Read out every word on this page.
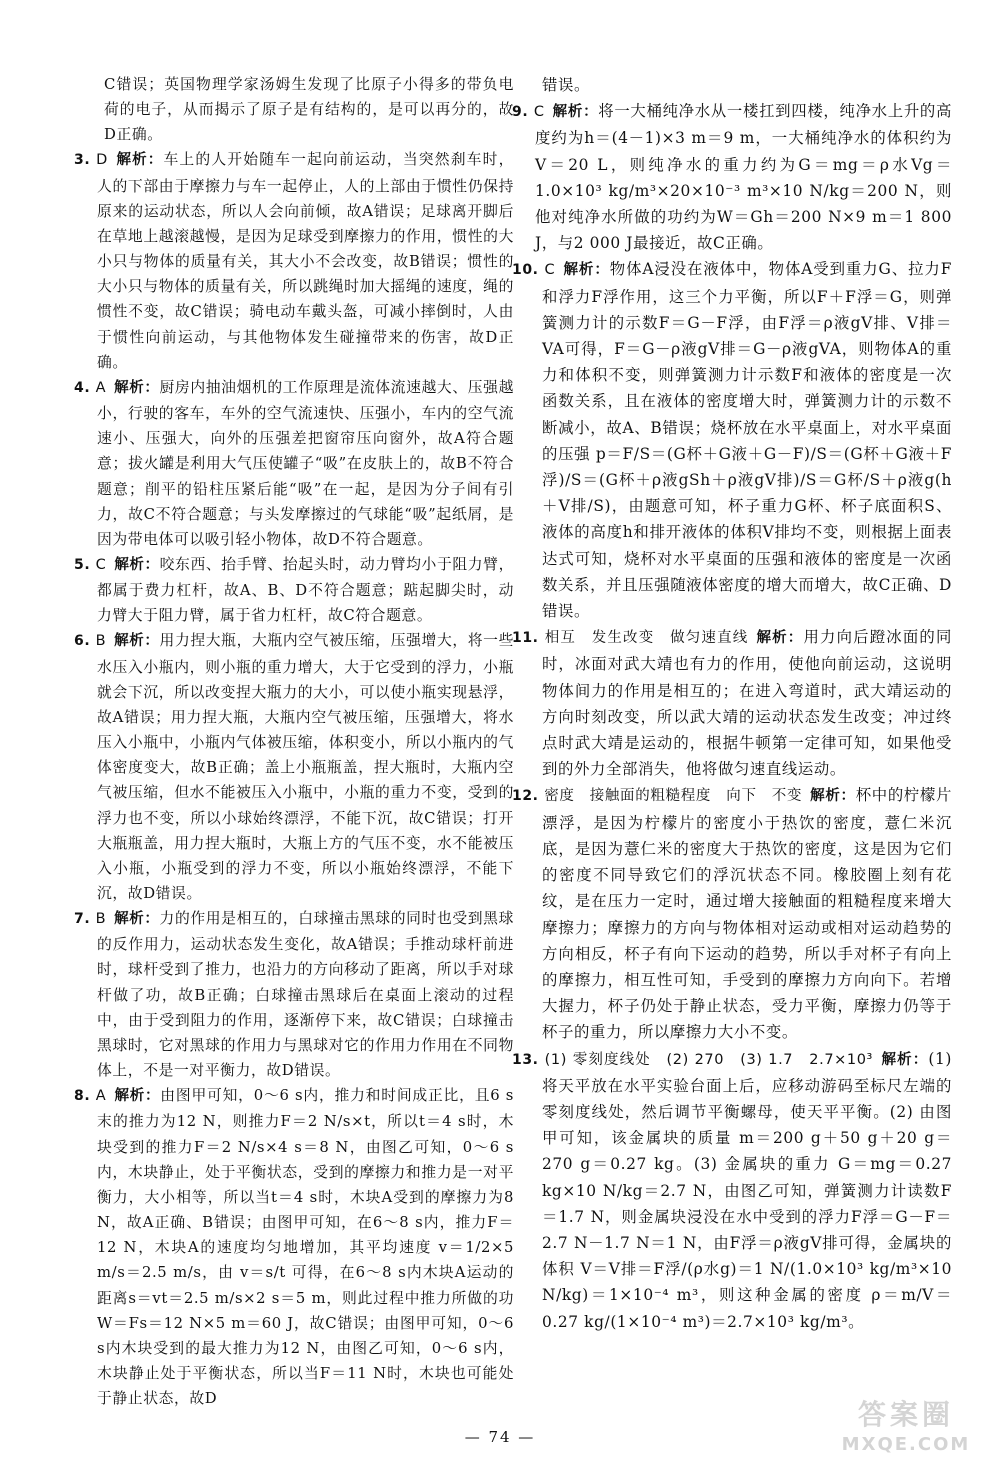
C错误；英国物理学家汤姆生发现了比原子小得多的带负电荷的电子，从而揭示了原子是有结构的，是可以再分的，故D正确。

3. D 解析：车上的人开始随车一起向前运动，当突然刹车时，人的下部由于摩擦力与车一起停止，人的上部由于惯性仍保持原来的运动状态，所以人会向前倾，故A错误；足球离开脚后在草地上越滚越慢，是因为足球受到摩擦力的作用，惯性的大小只与物体的质量有关，其大小不会改变，故B错误；惯性的大小只与物体的质量有关，所以跳绳时加大摇绳的速度，绳的惯性不变，故C错误；骑电动车戴头盔，可减小摔倒时，人由于惯性向前运动，与其他物体发生碰撞带来的伤害，故D正确。

4. A 解析：厨房内抽油烟机的工作原理是流体流速越大、压强越小，行驶的客车，车外的空气流速快、压强小，车内的空气流速小、压强大，向外的压强差把窗帘压向窗外，故A符合题意；拔火罐是利用大气压使罐子“吸”在皮肤上的，故B不符合题意；削平的铅柱压紧后能“吸”在一起，是因为分子间有引力，故C不符合题意；与头发摩擦过的气球能“吸”起纸屑，是因为带电体可以吸引轻小物体，故D不符合题意。

5. C 解析：咬东西、抬手臂、抬起头时，动力臂均小于阻力臂，都属于费力杠杆，故A、B、D不符合题意；踮起脚尖时，动力臂大于阻力臂，属于省力杠杆，故C符合题意。

6. B 解析：用力捏大瓶，大瓶内空气被压缩，压强增大，将一些水压入小瓶内，则小瓶的重力增大，大于它受到的浮力，小瓶就会下沉，所以改变捏大瓶力的大小，可以使小瓶实现悬浮，故A错误；用力捏大瓶，大瓶内空气被压缩，压强增大，将水压入小瓶中，小瓶内气体被压缩，体积变小，所以小瓶内的气体密度变大，故B正确；盖上小瓶瓶盖，捏大瓶时，大瓶内空气被压缩，但水不能被压入小瓶中，小瓶的重力不变，受到的浮力也不变，所以小球始终漂浮，不能下沉，故C错误；打开大瓶瓶盖，用力捏大瓶时，大瓶上方的气压不变，水不能被压入小瓶，小瓶受到的浮力不变，所以小瓶始终漂浮，不能下沉，故D错误。

7. B 解析：力的作用是相互的，白球撞击黑球的同时也受到黑球的反作用力，运动状态发生变化，故A错误；手推动球杆前进时，球杆受到了推力，也沿力的方向移动了距离，所以手对球杆做了功，故B正确；白球撞击黑球后在桌面上滚动的过程中，由于受到阻力的作用，逐渐停下来，故C错误；白球撞击黑球时，它对黑球的作用力与黑球对它的作用力作用在不同物体上，不是一对平衡力，故D错误。

8. A 解析：由图甲可知，0～6 s内，推力和时间成正比，且6 s末的推力为12 N，则推力F＝2 N/s×t，所以t＝4 s时，木块受到的推力F＝2 N/s×4 s＝8 N，由图乙可知，0～6 s内，木块静止，处于平衡状态，受到的摩擦力和推力是一对平衡力，大小相等，所以当t＝4 s时，木块A受到的摩擦力为8 N，故A正确、B错误；由图甲可知，在6～8 s内，推力F＝12 N，木块A的速度均匀地增加，其平均速度 v＝1/2×5 m/s＝2.5 m/s，由 v＝s/t 可得，在6～8 s内木块A运动的距离s＝vt＝2.5 m/s×2 s＝5 m，则此过程中推力所做的功W＝Fs＝12 N×5 m＝60 J，故C错误；由图甲可知，0～6 s内木块受到的最大推力为12 N，由图乙可知，0～6 s内，木块静止处于平衡状态，所以当F＝11 N时，木块也可能处于静止状态，故D

错误。

9. C 解析：将一大桶纯净水从一楼扛到四楼，纯净水上升的高度约为h＝(4－1)×3 m＝9 m，一大桶纯净水的体积约为V＝20 L，则纯净水的重力约为G＝mg＝ρ水Vg＝1.0×10³ kg/m³×20×10⁻³ m³×10 N/kg＝200 N，则他对纯净水所做的功约为W＝Gh＝200 N×9 m＝1 800 J，与2 000 J最接近，故C正确。

10. C 解析：物体A浸没在液体中，物体A受到重力G、拉力F和浮力F浮作用，这三个力平衡，所以F＋F浮＝G，则弹簧测力计的示数F＝G－F浮，由F浮＝ρ液gV排、V排＝VA可得，F＝G－ρ液gV排＝G－ρ液gVA，则物体A的重力和体积不变，则弹簧测力计示数F和液体的密度是一次函数关系，且在液体的密度增大时，弹簧测力计的示数不断减小，故A、B错误；烧杯放在水平桌面上，对水平桌面的压强 p＝F/S＝(G杯＋G液＋G－F)/S＝(G杯＋G液＋F浮)/S＝(G杯＋ρ液gSh＋ρ液gV排)/S＝G杯/S＋ρ液g(h＋V排/S)，由题意可知，杯子重力G杯、杯子底面积S、液体的高度h和排开液体的体积V排均不变，则根据上面表达式可知，烧杯对水平桌面的压强和液体的密度是一次函数关系，并且压强随液体密度的增大而增大，故C正确、D错误。

11. 相互　发生改变　做匀速直线 解析：用力向后蹬冰面的同时，冰面对武大靖也有力的作用，使他向前运动，这说明物体间力的作用是相互的；在进入弯道时，武大靖运动的方向时刻改变，所以武大靖的运动状态发生改变；冲过终点时武大靖是运动的，根据牛顿第一定律可知，如果他受到的外力全部消失，他将做匀速直线运动。

12. 密度　接触面的粗糙程度　向下　不变 解析：杯中的柠檬片漂浮，是因为柠檬片的密度小于热饮的密度，薏仁米沉底，是因为薏仁米的密度大于热饮的密度，这是因为它们的密度不同导致它们的浮沉状态不同。橡胶圈上刻有花纹，是在压力一定时，通过增大接触面的粗糙程度来增大摩擦力；摩擦力的方向与物体相对运动或相对运动趋势的方向相反，杯子有向下运动的趋势，所以手对杯子有向上的摩擦力，相互性可知，手受到的摩擦力方向向下。若增大握力，杯子仍处于静止状态，受力平衡，摩擦力仍等于杯子的重力，所以摩擦力大小不变。

13. (1) 零刻度线处　(2) 270　(3) 1.7　2.7×10³ 解析：(1) 将天平放在水平实验台面上后，应移动游码至标尺左端的零刻度线处，然后调节平衡螺母，使天平平衡。(2) 由图甲可知，该金属块的质量 m＝200 g＋50 g＋20 g＝270 g＝0.27 kg。(3) 金属块的重力 G＝mg＝0.27 kg×10 N/kg＝2.7 N，由图乙可知，弹簧测力计读数F＝1.7 N，则金属块浸没在水中受到的浮力F浮＝G－F＝2.7 N－1.7 N＝1 N，由F浮＝ρ液gV排可得，金属块的体积 V＝V排＝F浮/(ρ水g)＝1 N/(1.0×10³ kg/m³×10 N/kg)＝1×10⁻⁴ m³，则这种金属的密度 ρ＝m/V＝0.27 kg/(1×10⁻⁴ m³)＝2.7×10³ kg/m³。

— 74 —
答案圈
MXQE.COM
